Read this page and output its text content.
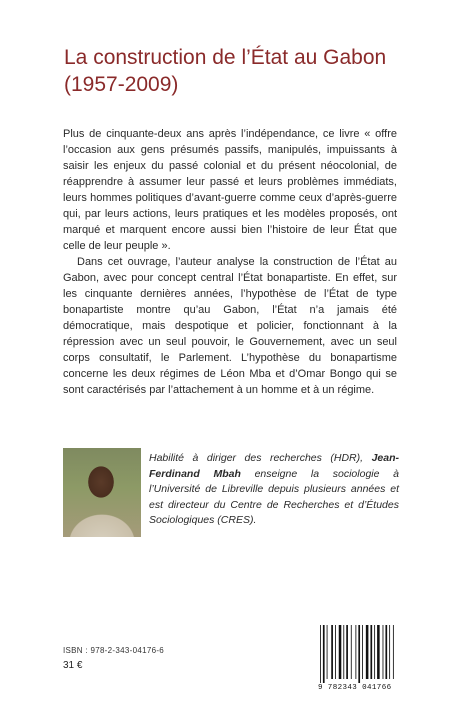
La construction de l’État au Gabon
(1957-2009)

Plus de cinquante-deux ans après l’indépendance, ce livre « offre l’occasion aux gens présumés passifs, manipulés, impuissants à saisir les enjeux du passé colonial et du présent néocolonial, de réapprendre à assumer leur passé et leurs problèmes immédiats, leurs hommes politiques d’avant-guerre comme ceux d’après-guerre qui, par leurs actions, leurs pratiques et les modèles proposés, ont marqué et marquent encore aussi bien l’histoire de leur État que celle de leur peuple ».

Dans cet ouvrage, l’auteur analyse la construction de l’État au Gabon, avec pour concept central l’État bonapartiste. En effet, sur les cinquante dernières années, l’hypothèse de l’État de type bonapartiste montre qu’au Gabon, l’État n’a jamais été démocratique, mais despotique et policier, fonctionnant à la répression avec un seul pouvoir, le Gouvernement, avec un seul corps consultatif, le Parlement. L’hypothèse du bonapartisme concerne les deux régimes de Léon Mba et d’Omar Bongo qui se sont caractérisés par l’attachement à un homme et à un régime.

Habilité à diriger des recherches (HDR), Jean-Ferdinand Mbah enseigne la sociologie à l’Université de Libreville depuis plusieurs années et est directeur du Centre de Recherches et d’Études Sociologiques (CRES).
ISBN : 978-2-343-04176-6
31 €
9 782343 041766
